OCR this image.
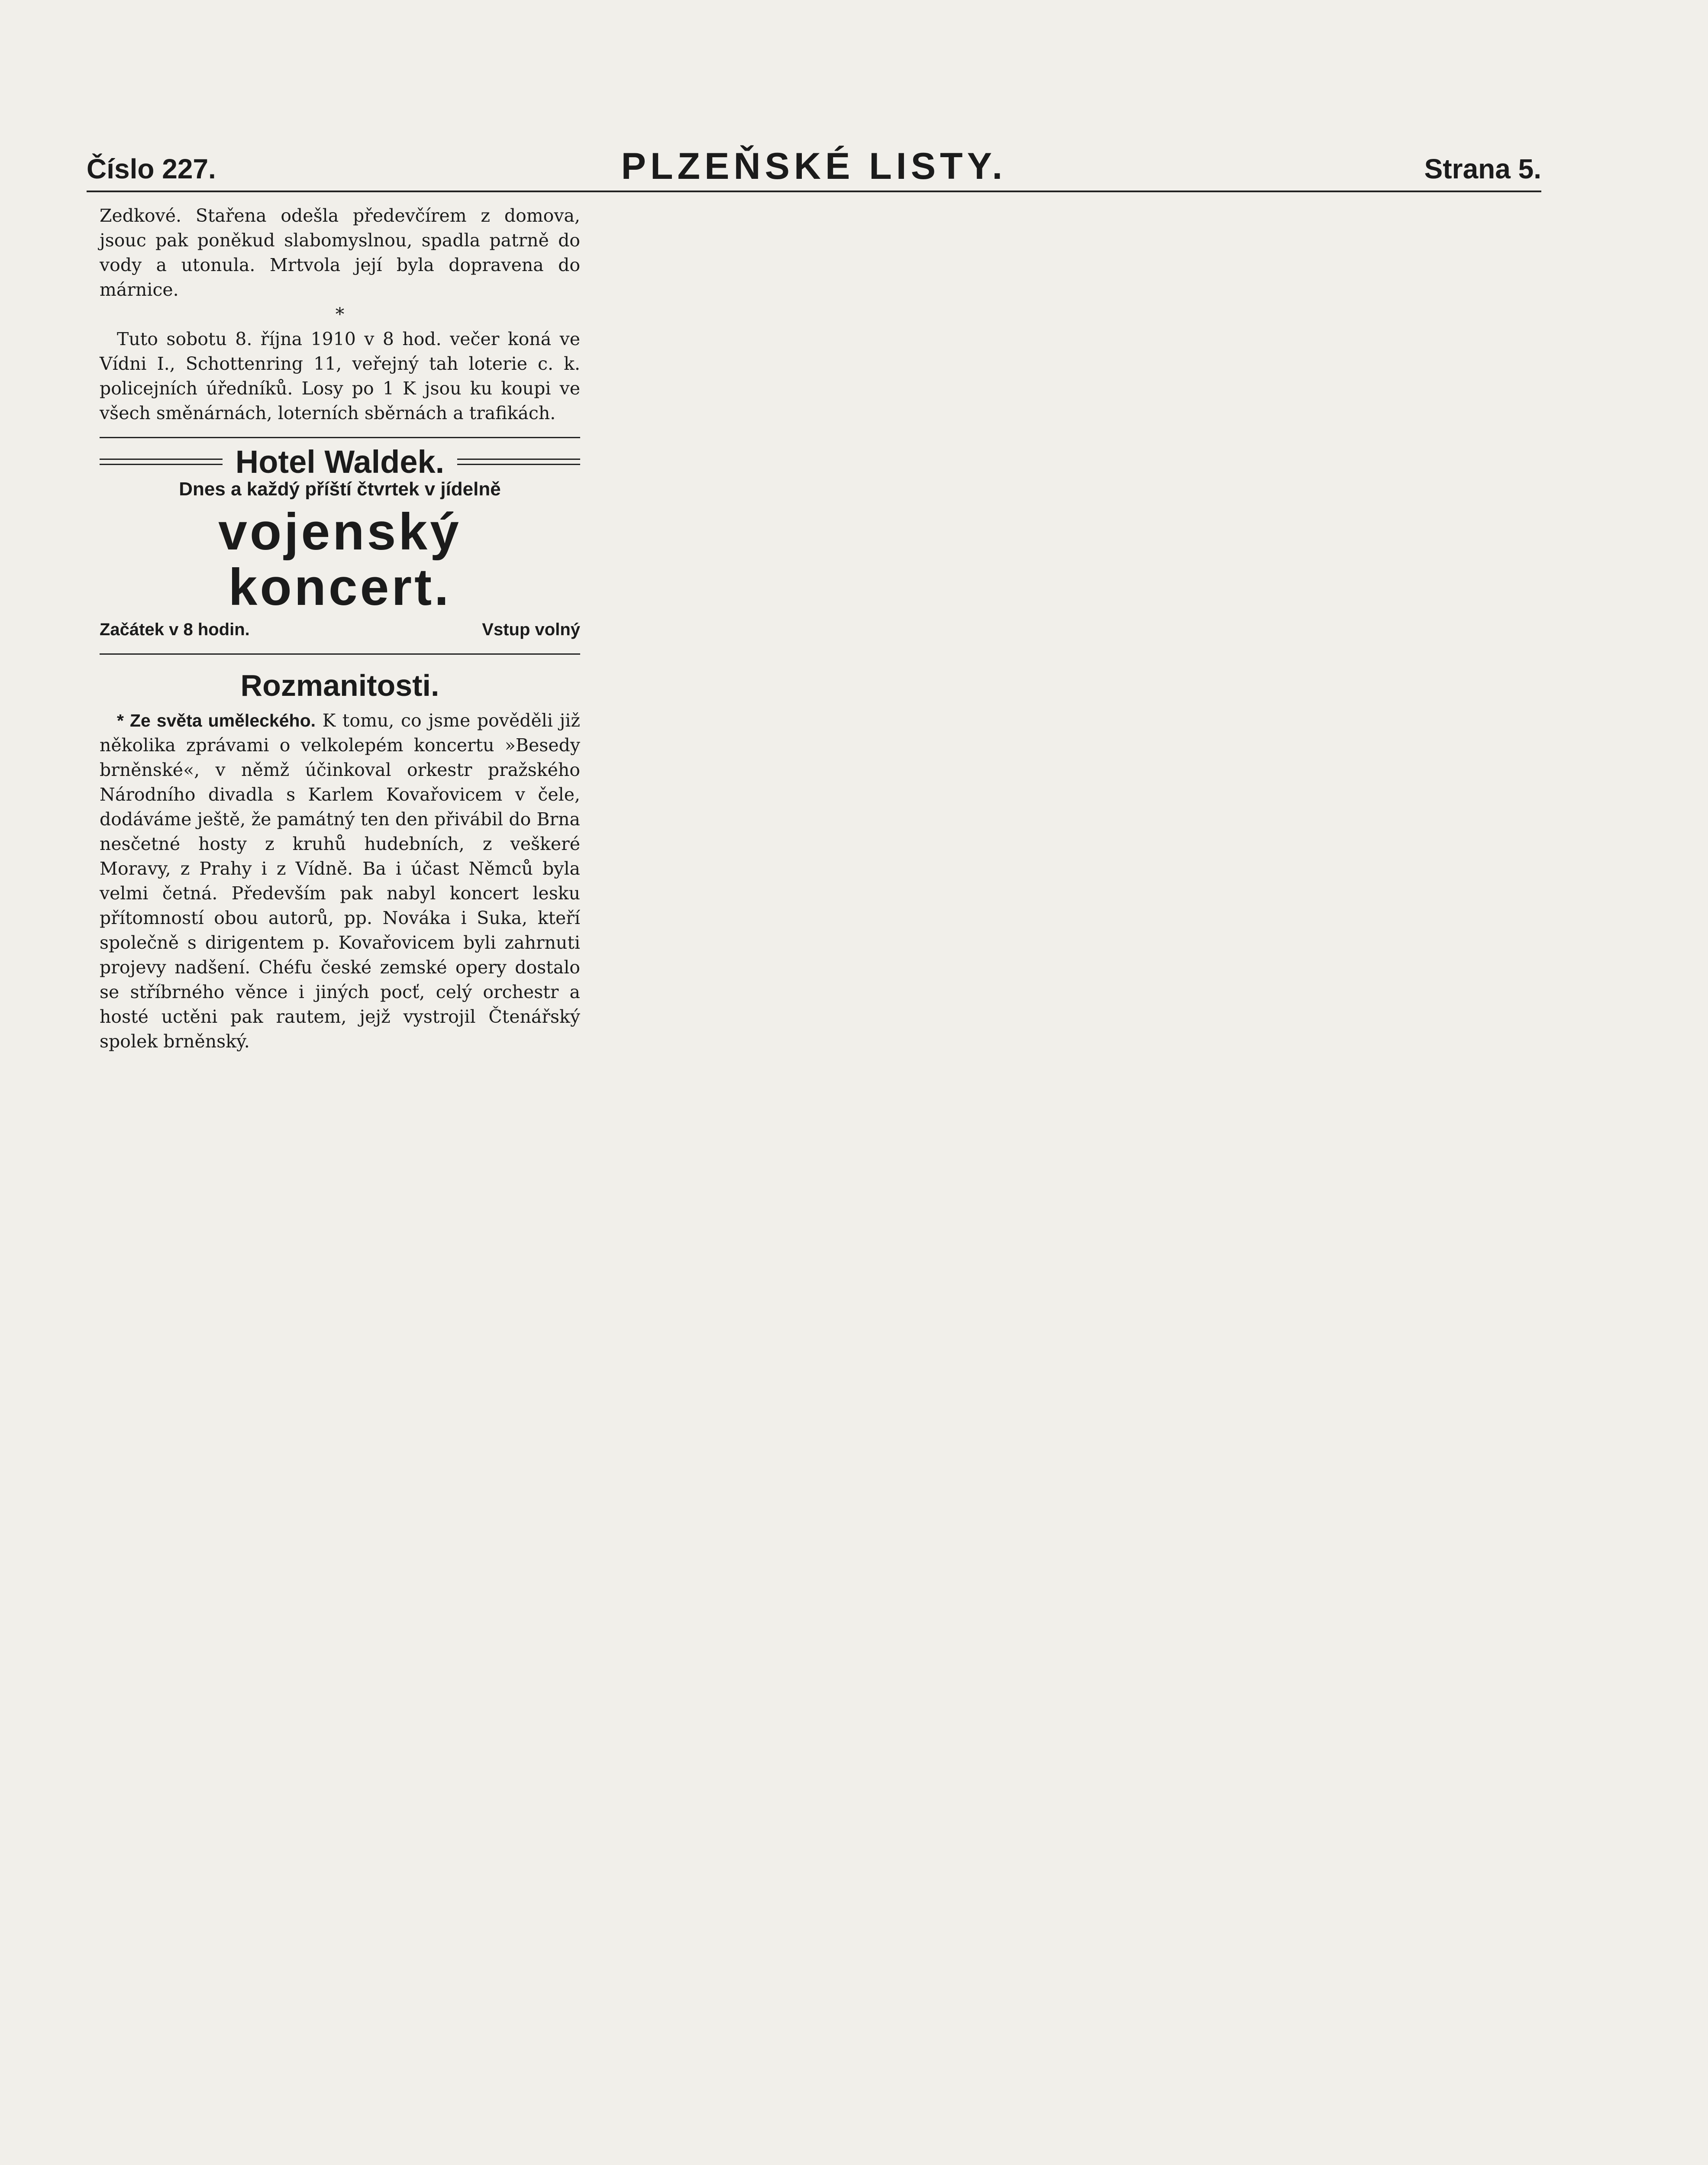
Číslo 227.	PLZEŇSKÉ LISTY.	Strana 5.

Zedkové. Stařena odešla předevčírem z domova, jsouc pak poněkud slabomyslnou, spadla patrně do vody a utonula. Mrtvola její byla dopravena do márnice.

*

Tuto sobotu 8. října 1910 v 8 hod. večer koná ve Vídni I., Schottenring 11, veřejný tah loterie c. k. policejních úředníků. Losy po 1 K jsou ku koupi ve všech směnárnách, loterních sběrnách a trafikách.

Hotel Waldek.
Dnes a každý příští čtvrtek v jídelně
vojenský koncert.
Začátek v 8 hodin.	Vstup volný
Rozmanitosti.

* Ze světa uměleckého. K tomu, co jsme pověděli již několika zprávami o velkolepém koncertu »Besedy brněnské«, v němž účinkoval orkestr pražského Národního divadla s Karlem Kovařovicem v čele, dodáváme ještě, že památný ten den přivábil do Brna nesčetné hosty z kruhů hudebních, z veškeré Moravy, z Prahy i z Vídně. Ba i účast Němců byla velmi četná. Především pak nabyl koncert lesku přítomností obou autorů, pp. Nováka i Suka, kteří společně s dirigentem p. Kovařovicem byli zahrnuti projevy nadšení. Chéfu české zemské opery dostalo se stříbrného věnce i jiných pocť, celý orchestr a hosté uctěni pak rautem, jejž vystrojil Čtenářský spolek brněnský.
